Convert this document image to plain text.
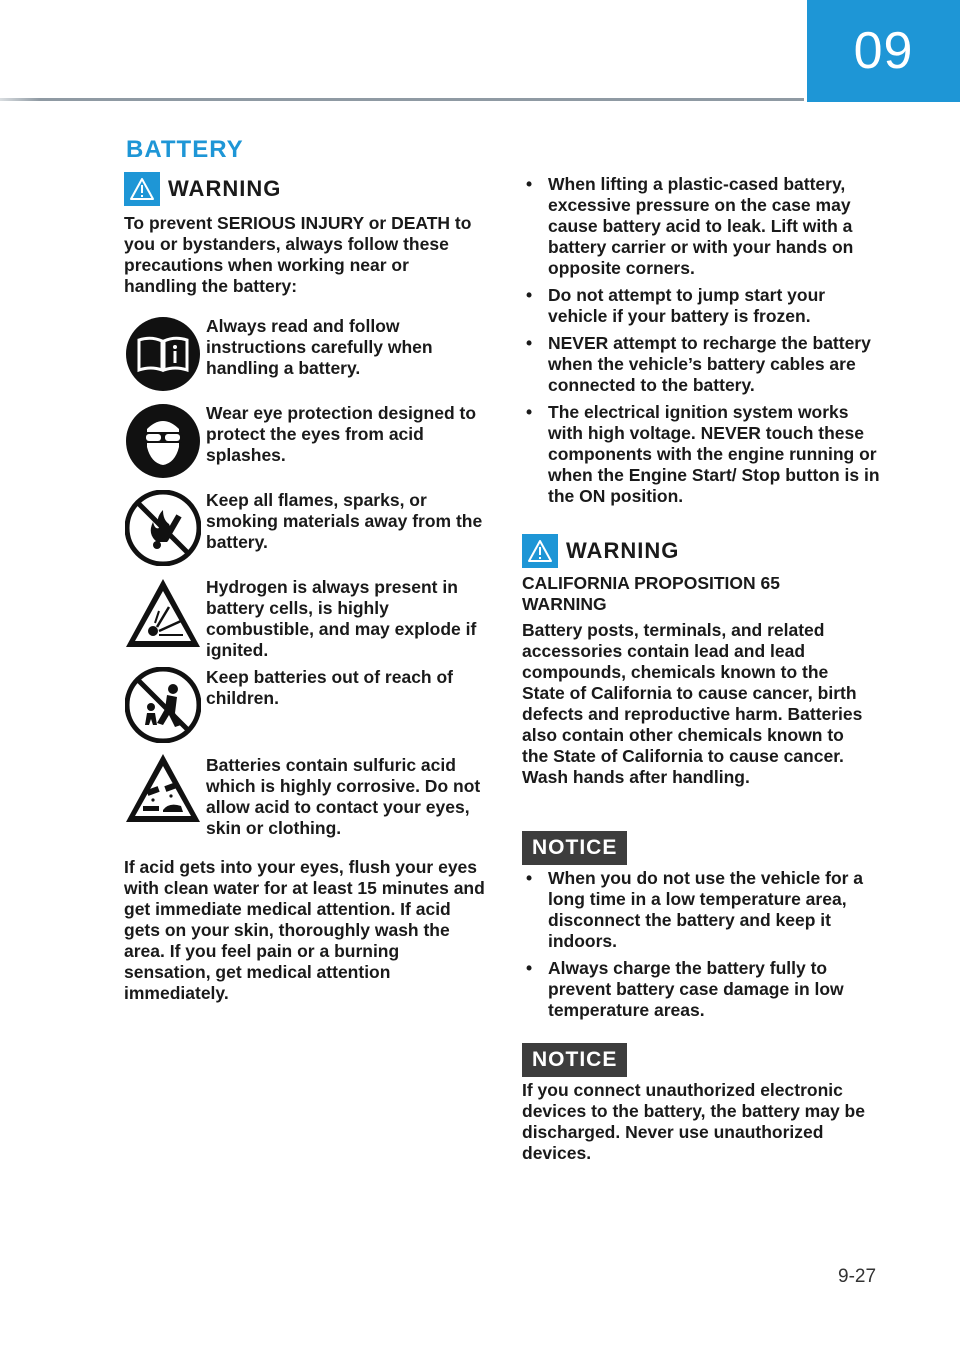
09
BATTERY
WARNING
To prevent SERIOUS INJURY or DEATH to you or bystanders, always follow these precautions when working near or handling the battery:
Always read and follow instructions carefully when handling a battery.
Wear eye protection designed to protect the eyes from acid splashes.
Keep all flames, sparks, or smoking materials away from the battery.
Hydrogen is always present in battery cells, is highly combustible, and may explode if ignited.
Keep batteries out of reach of children.
Batteries contain sulfuric acid which is highly corrosive. Do not allow acid to contact your eyes, skin or clothing.
If acid gets into your eyes, flush your eyes with clean water for at least 15 minutes and get immediate medical attention. If acid gets on your skin, thoroughly wash the area. If you feel pain or a burning sensation, get medical attention immediately.
• When lifting a plastic-cased battery, excessive pressure on the case may cause battery acid to leak. Lift with a battery carrier or with your hands on opposite corners.
• Do not attempt to jump start your vehicle if your battery is frozen.
• NEVER attempt to recharge the battery when the vehicle’s battery cables are connected to the battery.
• The electrical ignition system works with high voltage. NEVER touch these components with the engine running or when the Engine Start/ Stop button is in the ON position.
WARNING
CALIFORNIA PROPOSITION 65 WARNING
Battery posts, terminals, and related accessories contain lead and lead compounds, chemicals known to the State of California to cause cancer, birth defects and reproductive harm. Batteries also contain other chemicals known to the State of California to cause cancer. Wash hands after handling.
NOTICE
• When you do not use the vehicle for a long time in a low temperature area, disconnect the battery and keep it indoors.
• Always charge the battery fully to prevent battery case damage in low temperature areas.
NOTICE
If you connect unauthorized electronic devices to the battery, the battery may be discharged. Never use unauthorized devices.
9-27
